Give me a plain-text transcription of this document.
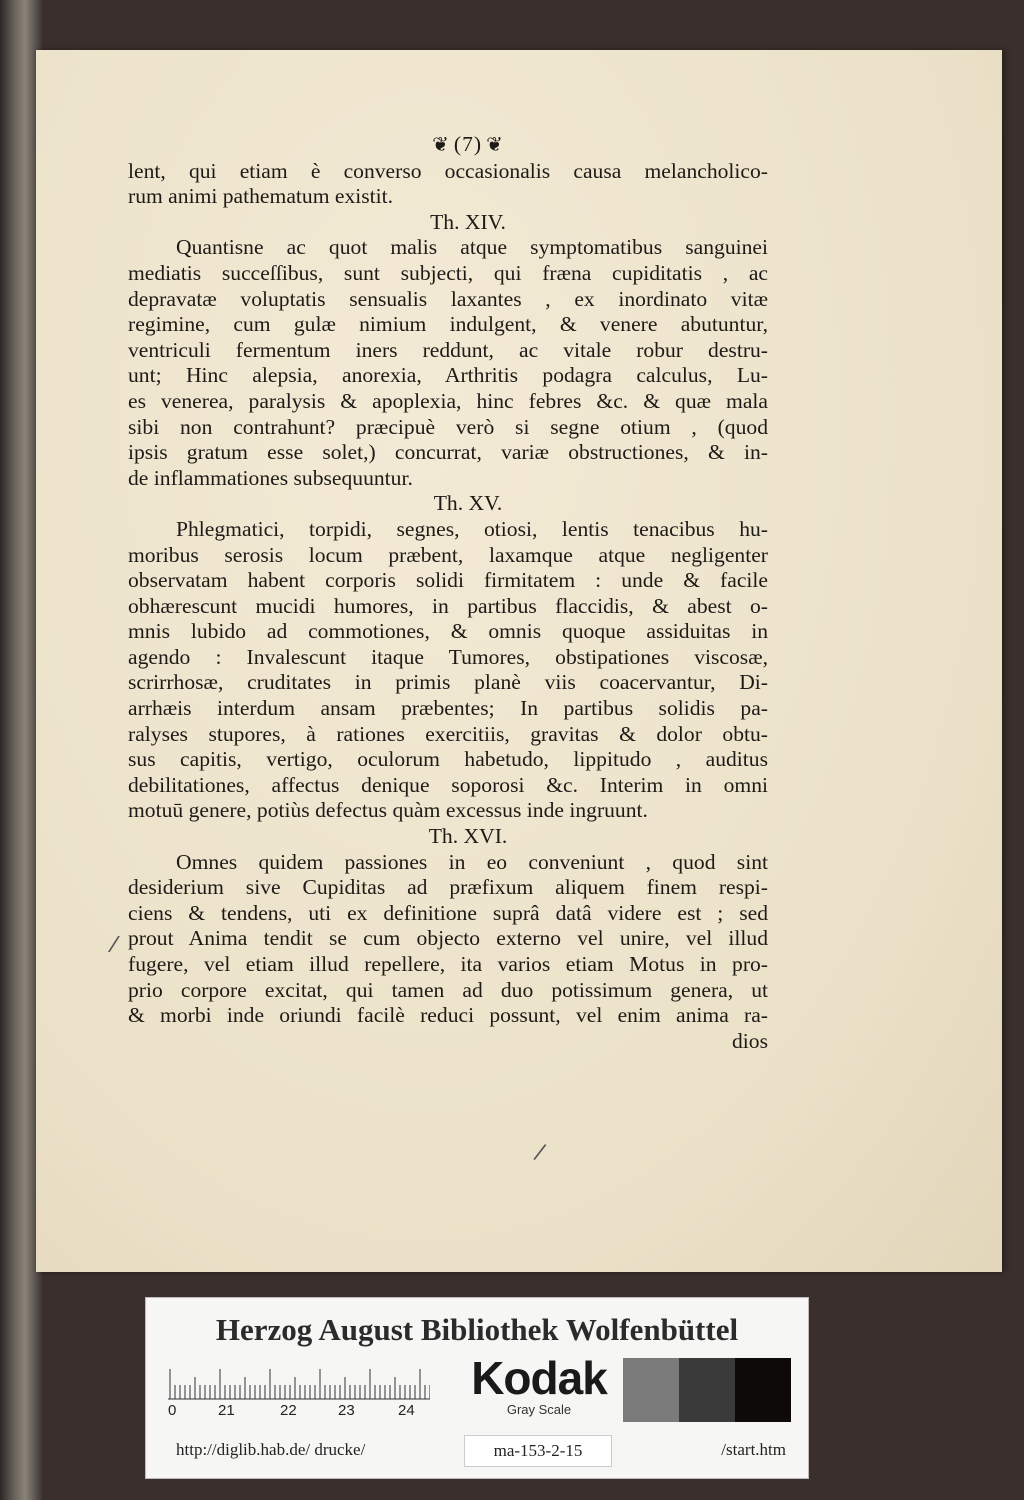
❦ (7) ❦
lent, qui etiam è converso occasionalis causa melancholico-
rum animi pathematum existit.
Th. XIV.
Quantisne ac quot malis atque symptomatibus sanguinei
mediatis succeſſibus, sunt subjecti, qui fræna cupiditatis , ac
depravatæ voluptatis sensualis laxantes , ex inordinato vitæ
regimine, cum gulæ nimium indulgent, & venere abutuntur,
ventriculi fermentum iners reddunt, ac vitale robur destru-
unt; Hinc alepsia, anorexia, Arthritis podagra calculus, Lu-
es venerea, paralysis & apoplexia, hinc febres &c. & quæ mala
sibi non contrahunt? præcipuè verò si segne otium , (quod
ipsis gratum esse solet,) concurrat, variæ obstructiones, & in-
de inflammationes subsequuntur.
Th. XV.
Phlegmatici, torpidi, segnes, otiosi, lentis tenacibus hu-
moribus serosis locum præbent, laxamque atque negligenter
observatam habent corporis solidi firmitatem : unde & facile
obhærescunt mucidi humores, in partibus flaccidis, & abest o-
mnis lubido ad commotiones, & omnis quoque assiduitas in
agendo : Invalescunt itaque Tumores, obstipationes viscosæ,
scrirrhosæ, cruditates in primis planè viis coacervantur, Di-
arrhæis interdum ansam præbentes; In partibus solidis pa-
ralyses stupores, à rationes exercitiis, gravitas & dolor obtu-
sus capitis, vertigo, oculorum habetudo, lippitudo , auditus
debilitationes, affectus denique soporosi &c. Interim in omni
motuū genere, potiùs defectus quàm excessus inde ingruunt.
Th. XVI.
Omnes quidem passiones in eo conveniunt , quod sint
desiderium sive Cupiditas ad præfixum aliquem finem respi-
ciens & tendens, uti ex definitione suprâ datâ videre est ; sed
prout Anima tendit se cum objecto externo vel unire, vel illud
fugere, vel etiam illud repellere, ita varios etiam Motus in pro-
prio corpore excitat, qui tamen ad duo potissimum genera, ut
& morbi inde oriundi facilè reduci possunt, vel enim anima ra-
dios
/
/
Herzog August Bibliothek Wolfenbüttel
0	21	22	23	24
Kodak
Gray Scale
http://diglib.hab.de/ drucke/	ma-153-2-15	/start.htm
